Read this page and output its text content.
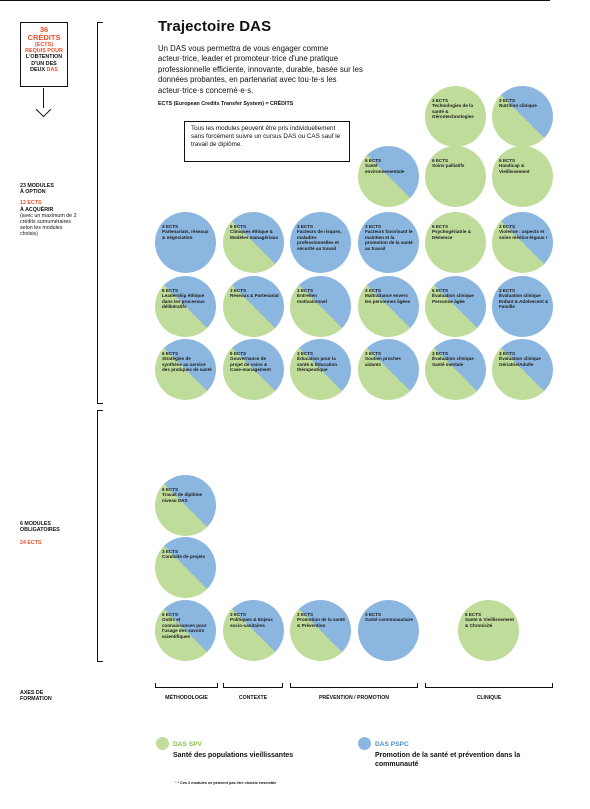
36
CRÉDITS
(ECTS)
REQUIS POUR
L'OBTENTION
D'UN DES
DEUX DAS
Trajectoire DAS
Un DAS vous permettra de vous engager comme acteur·trice, leader et promoteur·trice d'une pratique professionnelle efficiente, innovante, durable, basée sur les données probantes, en partenariat avec tou·te·s les acteur·trice·s concerné·e·s.
ECTS (European Credits Transfer System) = CRÉDITS
Tous les modules peuvent être pris individuellement sans forcément suivre un cursus DAS ou CAS sauf le travail de diplôme.
23 MODULES
À OPTION
12 ECTS
À ACQUÉRIR
(avec un maximum de 2 crédits surnuméraires selon les modules choisis)
6 MODULES
OBLIGATOIRES
24 ECTS
AXES DE
FORMATION
3 ECTS
Technologies de la santé & Gérontechnologies
3 ECTS
Nutrition clinique
6 ECTS
Santé environnementale
6 ECTS
Soins palliatifs
6 ECTS
Handicap & Vieillissement
3 ECTS
Partenariats, réseaux & négociation
6 ECTS
Cliniques éthique & Modèles managériaux
3 ECTS
Facteurs de risques, maladies professionnelles et sécurité au travail
3 ECTS
Facteurs favorisant le maintien et la promotion de la santé au travail
6 ECTS
Psychogériatrie & Démence
3 ECTS
Violence : aspects et soins médico-légaux !
6 ECTS
Leadership éthique dans les processus délibératifs
3 ECTS
Réseaux & Partenariat
3 ECTS
Entretien motivationnel
3 ECTS
Maltraitance envers les personnes âgées
6 ECTS
Évaluation clinique Personne âgée
3 ECTS
Évaluation clinique Enfant & Adolescent & Famille
6 ECTS
Stratégies de synthèse au service des pratiques de santé
6 ECTS
Gouvernance de projet de soins & Case-management
3 ECTS
Éducation pour la santé & Éducation thérapeutique
3 ECTS
Soutien proches aidants
3 ECTS
Évaluation clinique Santé mentale
3 ECTS
Évaluation clinique Gériatrie/Adulte
6 ECTS
Travail de diplôme niveau DAS
3 ECTS
Conduite de projets
6 ECTS
Outils et connaissances pour l'usage des savoirs scientifiques
3 ECTS
Politiques & Enjeux socio-sanitaires
3 ECTS
Promotion de la santé & Prévention
3 ECTS
Santé communautaire
6 ECTS
Santé & Vieillissement & Chronicité
MÉTHODOLOGIE	CONTEXTE	PRÉVENTION / PROMOTION	CLINIQUE
DAS SPV
Santé des populations vieillissantes
DAS PSPC
Promotion de la santé et prévention dans la communauté
* * Ces 2 modules ne peuvent pas être choisis ensemble
